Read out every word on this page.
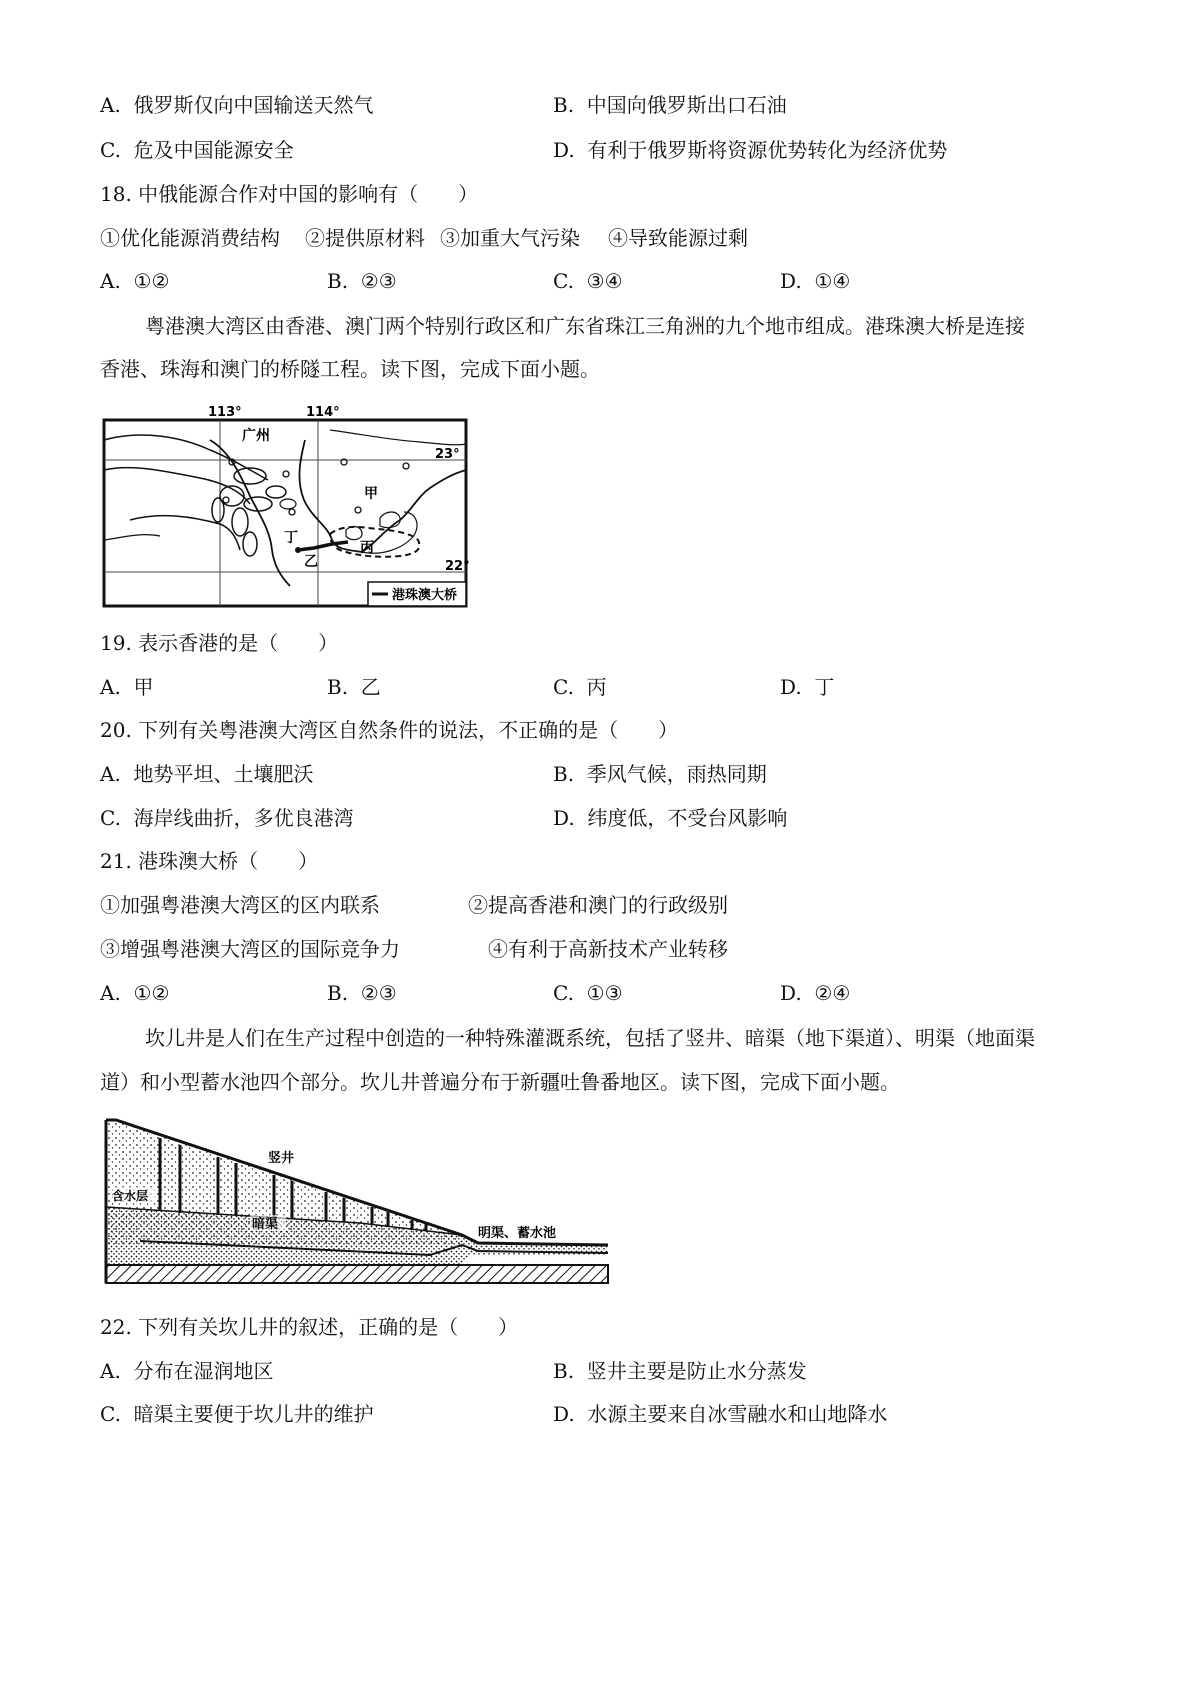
A. 俄罗斯仅向中国输送天然气	B. 中国向俄罗斯出口石油
C. 危及中国能源安全	D. 有利于俄罗斯将资源优势转化为经济优势
18. 中俄能源合作对中国的影响有（　　）
①优化能源消费结构 ②提供原材料 ③加重大气污染 ④导致能源过剩
A. ①②	B. ②③	C. ③④	D. ①④
粤港澳大湾区由香港、澳门两个特别行政区和广东省珠江三角洲的九个地市组成。港珠澳大桥是连接
香港、珠海和澳门的桥隧工程。读下图，完成下面小题。
113°	114°
23°
22°
广州
甲
乙
丙
丁
港珠澳大桥
19. 表示香港的是（　　）
A. 甲	B. 乙	C. 丙	D. 丁
20. 下列有关粤港澳大湾区自然条件的说法，不正确的是（　　）
A. 地势平坦、土壤肥沃	B. 季风气候，雨热同期
C. 海岸线曲折，多优良港湾	D. 纬度低，不受台风影响
21. 港珠澳大桥（　　）
①加强粤港澳大湾区的区内联系	②提高香港和澳门的行政级别
③增强粤港澳大湾区的国际竞争力	④有利于高新技术产业转移
A. ①②	B. ②③	C. ①③	D. ②④
坎儿井是人们在生产过程中创造的一种特殊灌溉系统，包括了竖井、暗渠（地下渠道）、明渠（地面渠
道）和小型蓄水池四个部分。坎儿井普遍分布于新疆吐鲁番地区。读下图，完成下面小题。
竖井
含水层
暗渠
明渠、蓄水池
22. 下列有关坎儿井的叙述，正确的是（　　）
A. 分布在湿润地区	B. 竖井主要是防止水分蒸发
C. 暗渠主要便于坎儿井的维护	D. 水源主要来自冰雪融水和山地降水
